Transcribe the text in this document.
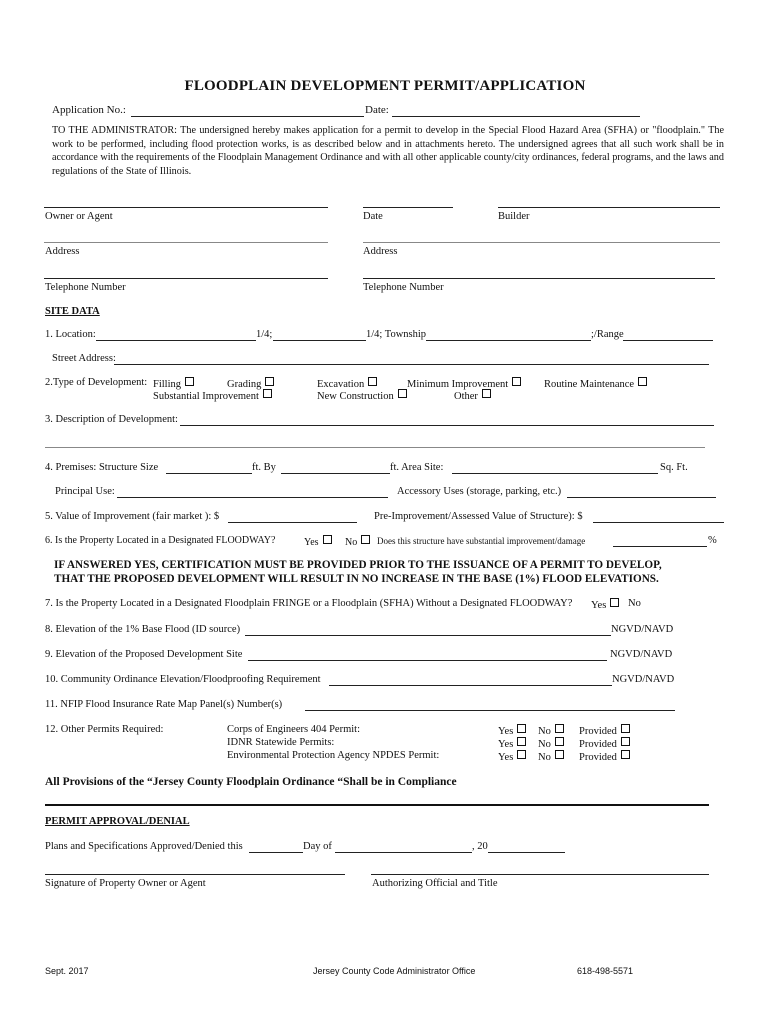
FLOODPLAIN DEVELOPMENT PERMIT/APPLICATION
Application No.:	Date:
TO THE ADMINISTRATOR: The undersigned hereby makes application for a permit to develop in the Special Flood Hazard Area (SFHA) or "floodplain." The work to be performed, including flood protection works, is as described below and in attachments hereto. The undersigned agrees that all such work shall be in accordance with the requirements of the Floodplain Management Ordinance and with all other applicable county/city ordinances, federal programs, and the laws and regulations of the State of Illinois.
Owner or Agent	Date	Builder
Address	Address
Telephone Number	Telephone Number
SITE DATA
1. Location:	1/4;	1/4; Township	;/Range
Street Address:
2.Type of Development: Filling	Grading	Excavation	Minimum Improvement	Routine Maintenance
Substantial Improvement	New Construction	Other
3. Description of Development:
4. Premises: Structure Size	ft. By	ft. Area Site:	Sq. Ft.
Principal Use:	Accessory Uses (storage, parking, etc.)
5. Value of Improvement (fair market ): $	Pre-Improvement/Assessed Value of Structure): $
6. Is the Property Located in a Designated FLOODWAY?	Yes	No	Does this structure have substantial improvement/damage	%
IF ANSWERED YES, CERTIFICATION MUST BE PROVIDED PRIOR TO THE ISSUANCE OF A PERMIT TO DEVELOP,
THAT THE PROPOSED DEVELOPMENT WILL RESULT IN NO INCREASE IN THE BASE (1%) FLOOD ELEVATIONS.
7. Is the Property Located in a Designated Floodplain FRINGE or a Floodplain (SFHA) Without a Designated FLOODWAY? Yes	No
8. Elevation of the 1% Base Flood (ID source)	NGVD/NAVD
9. Elevation of the Proposed Development Site	NGVD/NAVD
10. Community Ordinance Elevation/Floodproofing Requirement	NGVD/NAVD
11. NFIP Flood Insurance Rate Map Panel(s) Number(s)
12. Other Permits Required:	Corps of Engineers 404 Permit:	Yes	No	Provided
IDNR Statewide Permits:	Yes	No	Provided
Environmental Protection Agency NPDES Permit:	Yes	No	Provided
All Provisions of the “Jersey County Floodplain Ordinance “Shall be in Compliance
PERMIT APPROVAL/DENIAL
Plans and Specifications Approved/Denied this	Day of	, 20
Signature of Property Owner or Agent	Authorizing Official and Title
Sept. 2017	Jersey County Code Administrator Office	618-498-5571
